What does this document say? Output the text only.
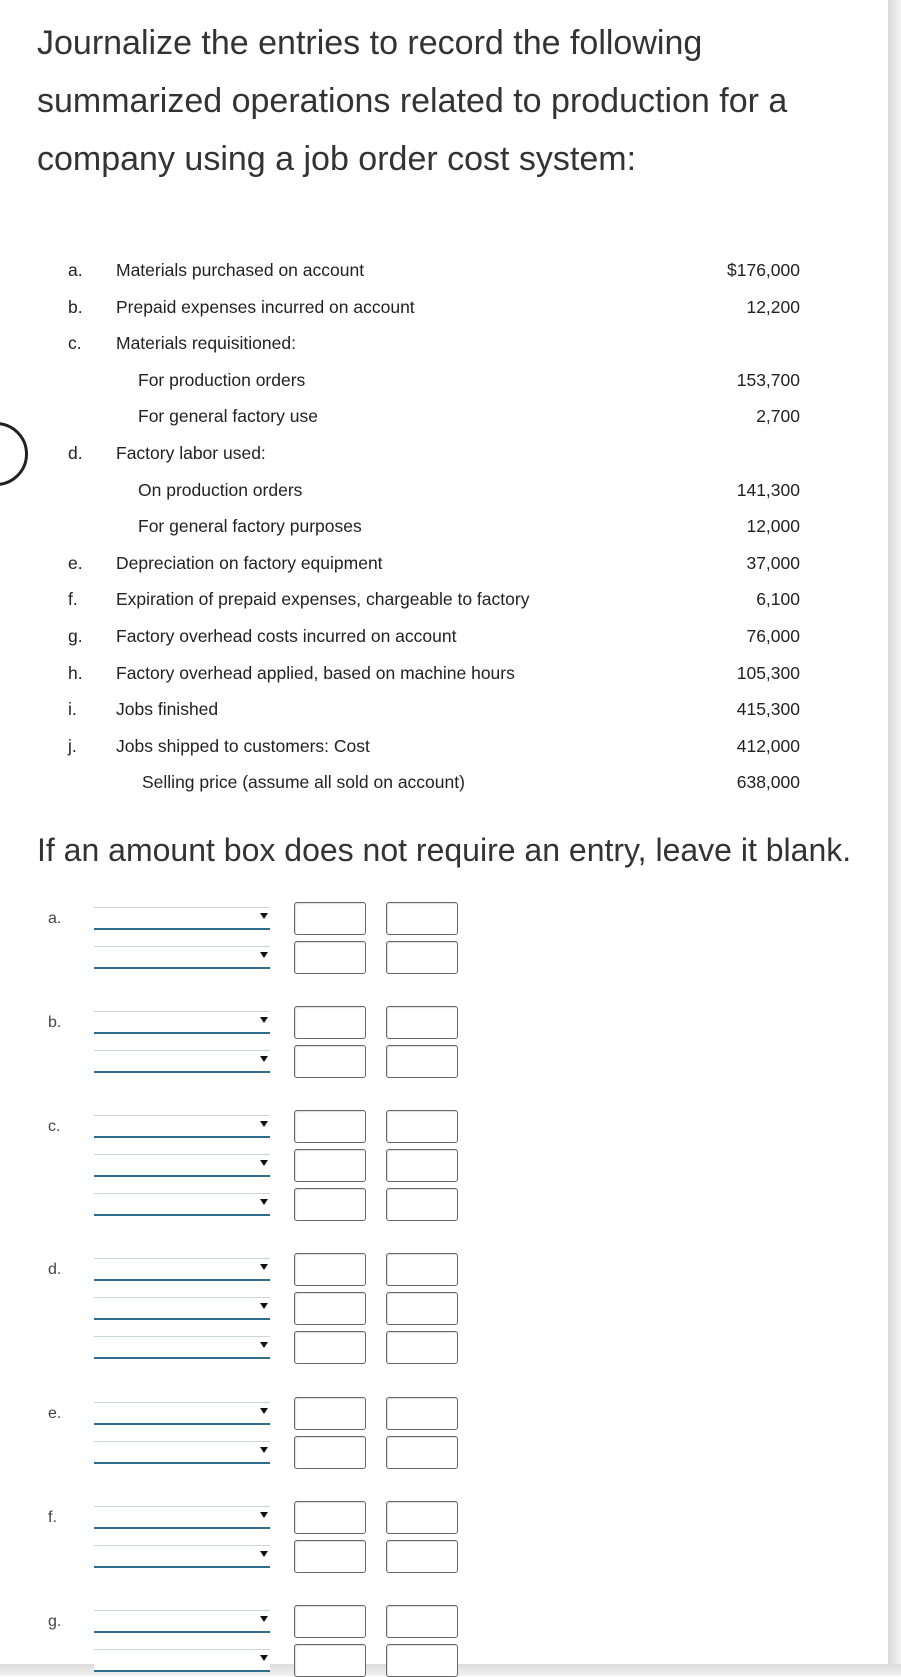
Journalize the entries to record the following summarized operations related to production for a company using a job order cost system:

a. Materials purchased on account	$176,000
b. Prepaid expenses incurred on account	12,200
c. Materials requisitioned:
For production orders	153,700
For general factory use	2,700
d. Factory labor used:
On production orders	141,300
For general factory purposes	12,000
e. Depreciation on factory equipment	37,000
f. Expiration of prepaid expenses, chargeable to factory	6,100
g. Factory overhead costs incurred on account	76,000
h. Factory overhead applied, based on machine hours	105,300
i. Jobs finished	415,300
j. Jobs shipped to customers: Cost	412,000
Selling price (assume all sold on account)	638,000
If an amount box does not require an entry, leave it blank.
a.
b.
c.
d.
e.
f.
g.
